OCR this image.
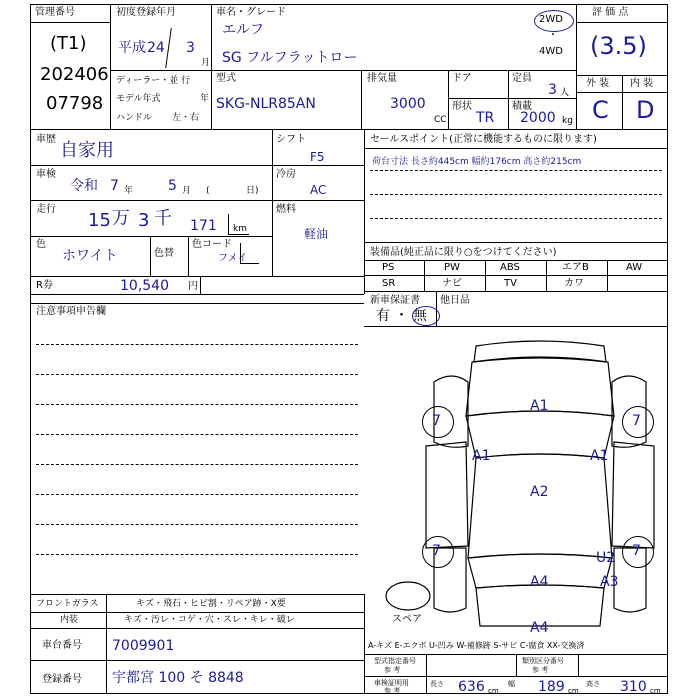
管理番号
(T1)
202406
07798
初度登録年月
平成 24 3
月
車名・グレード
エルフ
SG フルフラットロー
2WD
・
4WD
評 価 点
(3.5)
外 装 内 装
C D
ディーラー・並 行
モデル年式	年
ハンドル 左・右
型式
SKG-NLR85AN
排気量
3000
CC
ドア	定員
3 人
形状
TR
積載
2000 kg
車歴
自家用
車検
令和 7 年 5 月 (	日)
走行
15 万 3 千 171 km
色
ホワイト	色替
色コード
フメイ
シフト
F5
冷房
AC
燃料
軽油
R券	10,540 円
注意事項申告欄
セールスポイント(正常に機能するものに限ります)
荷台寸法 長さ約445cm 幅約176cm 高さ約215cm
装備品(純正品に限り○をつけてください)
PS	PW	ABS	エアB	AW
SR	ナビ	TV	カワ
新車保証書
有 ・ 無
他日品
7	7
7	7
A1
A1	A1
A2
U2
A4	A3
A4
スペア
フロントガラス	キズ・飛石・ヒビ割・リペア跡・X要
内装	キズ・汚レ・コゲ・穴・スレ・キレ・破レ
車台番号 7009901
登録番号 宇都宮 100 そ 8848
A-キズ E-エクボ U-凹み W-補修跡 S-サビ C-腐食 XX-交換済
型式指定番号
参 考
類別区分番号
参 考
車検証明用
参 考
長さ 636 cm
幅 189 cm
高さ 310 cm
